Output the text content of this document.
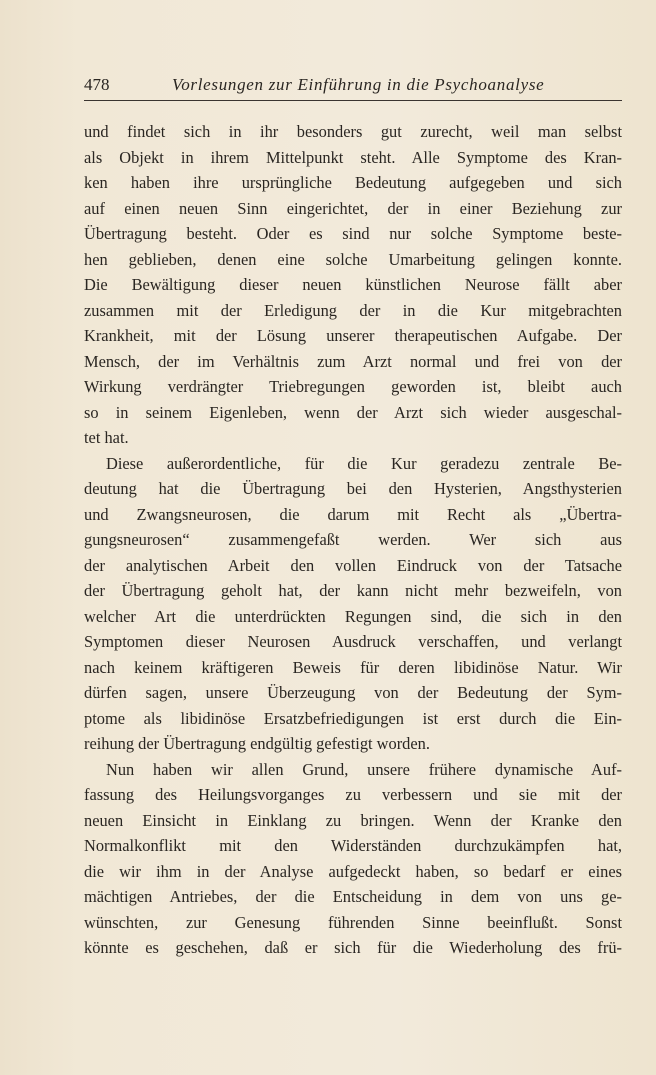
478	Vorlesungen zur Einführung in die Psychoanalyse
und findet sich in ihr besonders gut zurecht, weil man selbst
als Objekt in ihrem Mittelpunkt steht. Alle Symptome des Kran-
ken haben ihre ursprüngliche Bedeutung aufgegeben und sich
auf einen neuen Sinn eingerichtet, der in einer Beziehung zur
Übertragung besteht. Oder es sind nur solche Symptome beste-
hen geblieben, denen eine solche Umarbeitung gelingen konnte.
Die Bewältigung dieser neuen künstlichen Neurose fällt aber
zusammen mit der Erledigung der in die Kur mitgebrachten
Krankheit, mit der Lösung unserer therapeutischen Aufgabe. Der
Mensch, der im Verhältnis zum Arzt normal und frei von der
Wirkung verdrängter Triebregungen geworden ist, bleibt auch
so in seinem Eigenleben, wenn der Arzt sich wieder ausgeschal-
tet hat.
Diese außerordentliche, für die Kur geradezu zentrale Be-
deutung hat die Übertragung bei den Hysterien, Angsthysterien
und Zwangsneurosen, die darum mit Recht als „Übertra-
gungsneurosen“ zusammengefaßt werden. Wer sich aus
der analytischen Arbeit den vollen Eindruck von der Tatsache
der Übertragung geholt hat, der kann nicht mehr bezweifeln, von
welcher Art die unterdrückten Regungen sind, die sich in den
Symptomen dieser Neurosen Ausdruck verschaffen, und verlangt
nach keinem kräftigeren Beweis für deren libidinöse Natur. Wir
dürfen sagen, unsere Überzeugung von der Bedeutung der Sym-
ptome als libidinöse Ersatzbefriedigungen ist erst durch die Ein-
reihung der Übertragung endgültig gefestigt worden.
Nun haben wir allen Grund, unsere frühere dynamische Auf-
fassung des Heilungsvorganges zu verbessern und sie mit der
neuen Einsicht in Einklang zu bringen. Wenn der Kranke den
Normalkonflikt mit den Widerständen durchzukämpfen hat,
die wir ihm in der Analyse aufgedeckt haben, so bedarf er eines
mächtigen Antriebes, der die Entscheidung in dem von uns ge-
wünschten, zur Genesung führenden Sinne beeinflußt. Sonst
könnte es geschehen, daß er sich für die Wiederholung des frü-
